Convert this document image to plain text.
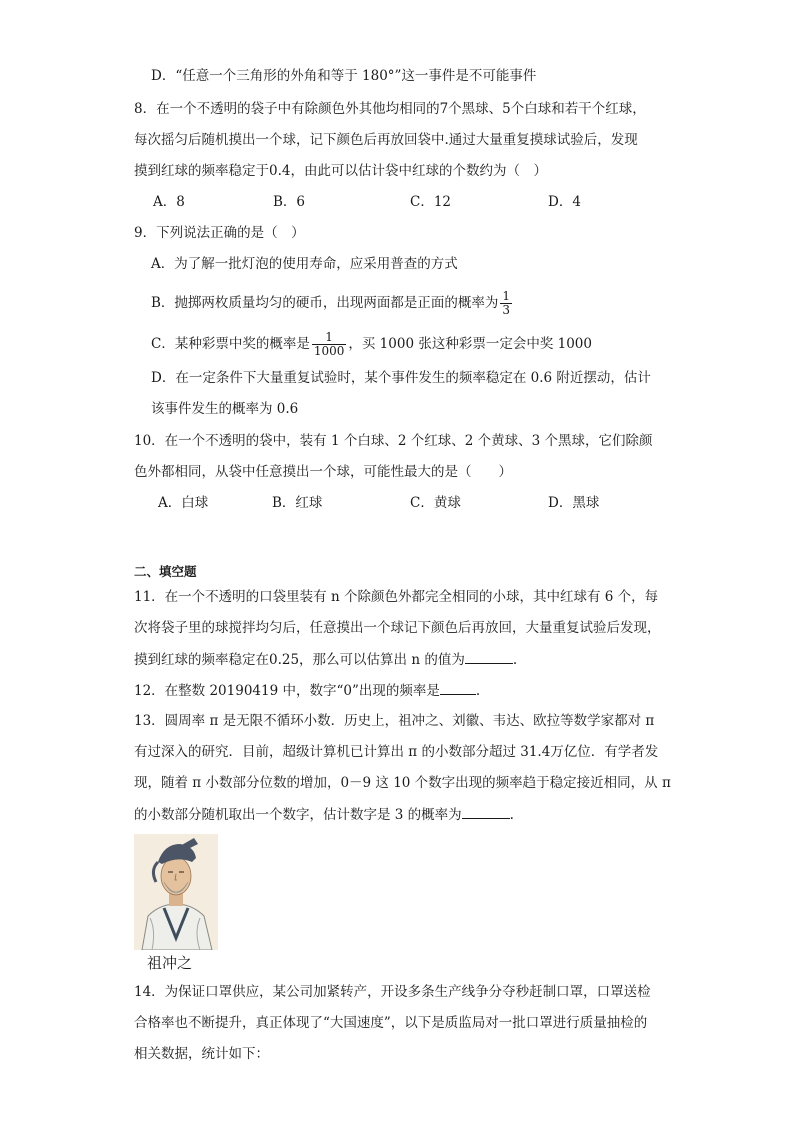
D．“任意一个三角形的外角和等于 180°”这一事件是不可能事件
8．在一个不透明的袋子中有除颜色外其他均相同的7个黑球、5个白球和若干个红球，
每次摇匀后随机摸出一个球，记下颜色后再放回袋中.通过大量重复摸球试验后，发现
摸到红球的频率稳定于0.4，由此可以估计袋中红球的个数约为（　）
A．8	B．6	C．12	D．4
9．下列说法正确的是（　）
A．为了解一批灯泡的使用寿命，应采用普查的方式
B．抛掷两枚质量均匀的硬币，出现两面都是正面的概率为 $\frac{1}{3}$
C．某种彩票中奖的概率是 $\frac{1}{1000}$ ，买 1000 张这种彩票一定会中奖 1000
D．在一定条件下大量重复试验时，某个事件发生的频率稳定在 0.6 附近摆动，估计
该事件发生的概率为 0.6
10．在一个不透明的袋中，装有 1 个白球、2 个红球、2 个黄球、3 个黑球，它们除颜
色外都相同，从袋中任意摸出一个球，可能性最大的是（　　）
A．白球	B．红球	C．黄球	D．黑球
二、填空题
11．在一个不透明的口袋里装有 n 个除颜色外都完全相同的小球，其中红球有 6 个，每
次将袋子里的球搅拌均匀后，任意摸出一个球记下颜色后再放回，大量重复试验后发现，
摸到红球的频率稳定在0.25，那么可以估算出 n 的值为	.
12．在整数 20190419 中，数字“0”出现的频率是	.
13．圆周率 π 是无限不循环小数．历史上，祖冲之、刘徽、韦达、欧拉等数学家都对 π
有过深入的研究．目前，超级计算机已计算出 π 的小数部分超过 31.4万亿位．有学者发
现，随着 π 小数部分位数的增加，0－9 这 10 个数字出现的频率趋于稳定接近相同，从 π
的小数部分随机取出一个数字，估计数字是 3 的概率为	.
祖冲之
14．为保证口罩供应，某公司加紧转产，开设多条生产线争分夺秒赶制口罩，口罩送检
合格率也不断提升，真正体现了“大国速度”，以下是质监局对一批口罩进行质量抽检的
相关数据，统计如下：
